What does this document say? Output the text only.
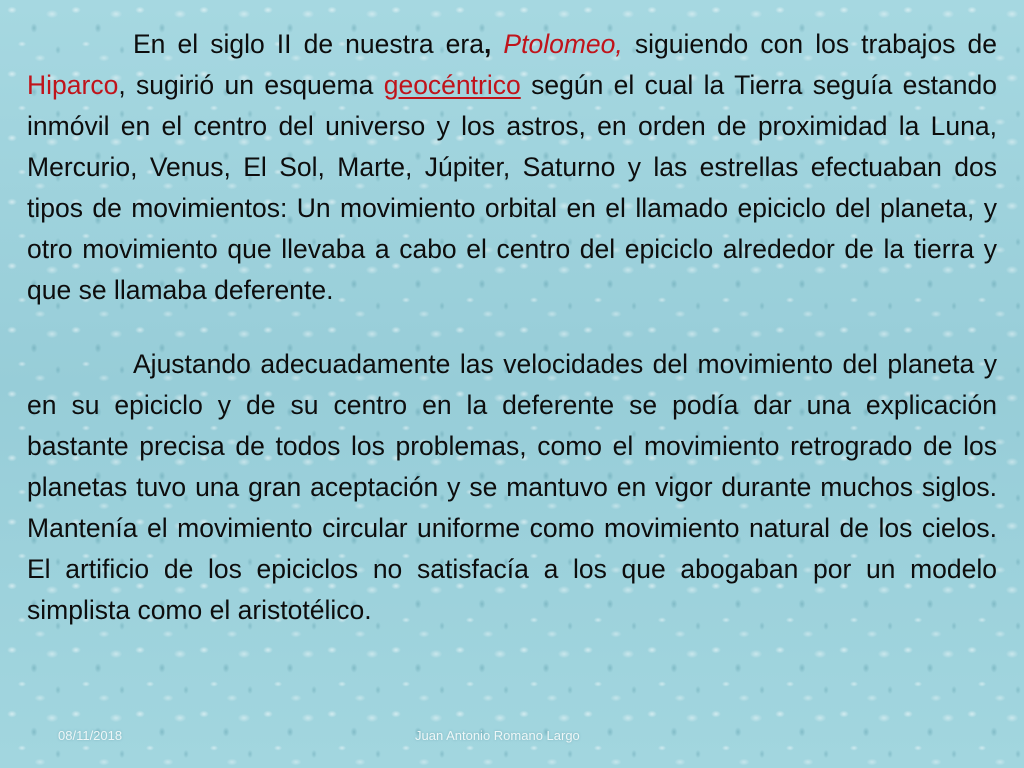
En el siglo II de nuestra era, Ptolomeo, siguiendo con los trabajos de Hiparco, sugirió un esquema geocéntrico según el cual la Tierra seguía estando inmóvil en el centro del universo y los astros, en orden de proximidad la Luna, Mercurio, Venus, El Sol, Marte, Júpiter, Saturno y las estrellas efectuaban dos tipos de movimientos: Un movimiento orbital en el llamado epiciclo del planeta, y otro movimiento que llevaba a cabo el centro del epiciclo alrededor de la tierra y que se llamaba deferente.

Ajustando adecuadamente las velocidades del movimiento del planeta y en su epiciclo y de su centro en la deferente se podía dar una explicación bastante precisa de todos los problemas, como el movimiento retrogrado de los planetas tuvo una gran aceptación y se mantuvo en vigor durante muchos siglos. Mantenía el movimiento circular uniforme como movimiento natural de los cielos. El artificio de los epiciclos no satisfacía a los que abogaban por un modelo simplista como el aristotélico.

08/11/2018	Juan Antonio Romano Largo
